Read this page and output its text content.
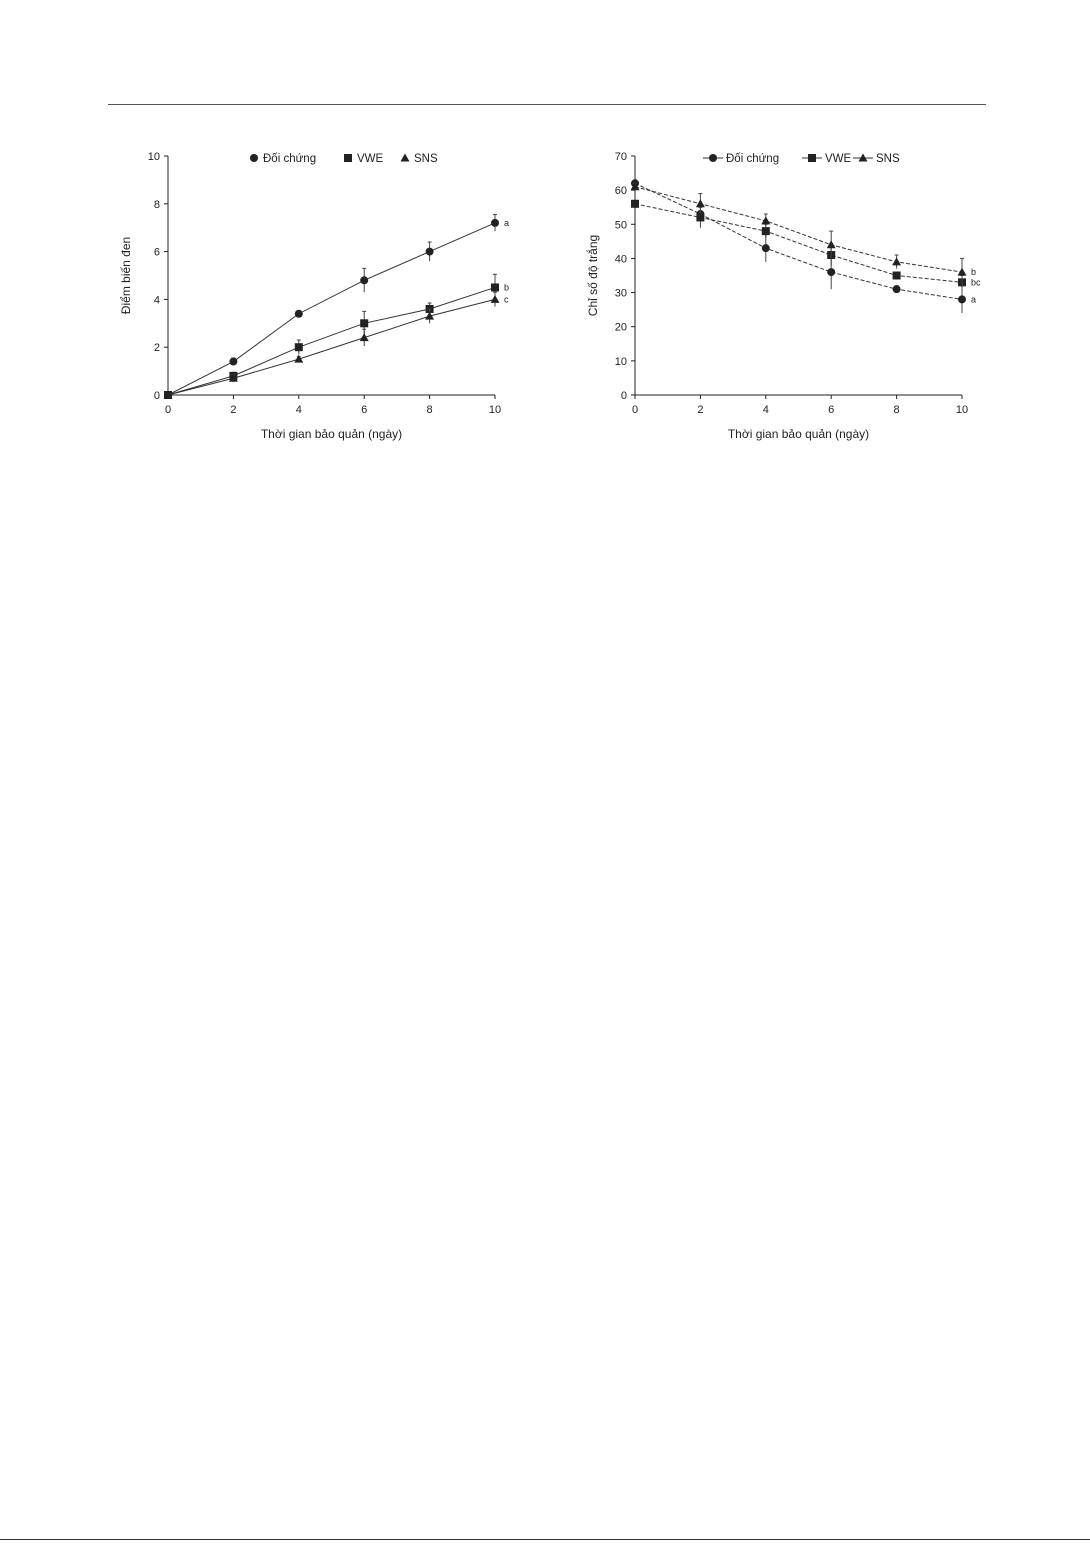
0
2
4
6
8
10
0	2	4	6	8	10
Thời gian bảo quản (ngày)
Điểm biến đen
a
b
c
Đối chứng	VWE	SNS
0
10
20
30
40
50
60
70
0	2	4	6	8	10
Thời gian bảo quản (ngày)
Chỉ số độ trắng	a
bc
b
Đối chứng	VWE SNS
